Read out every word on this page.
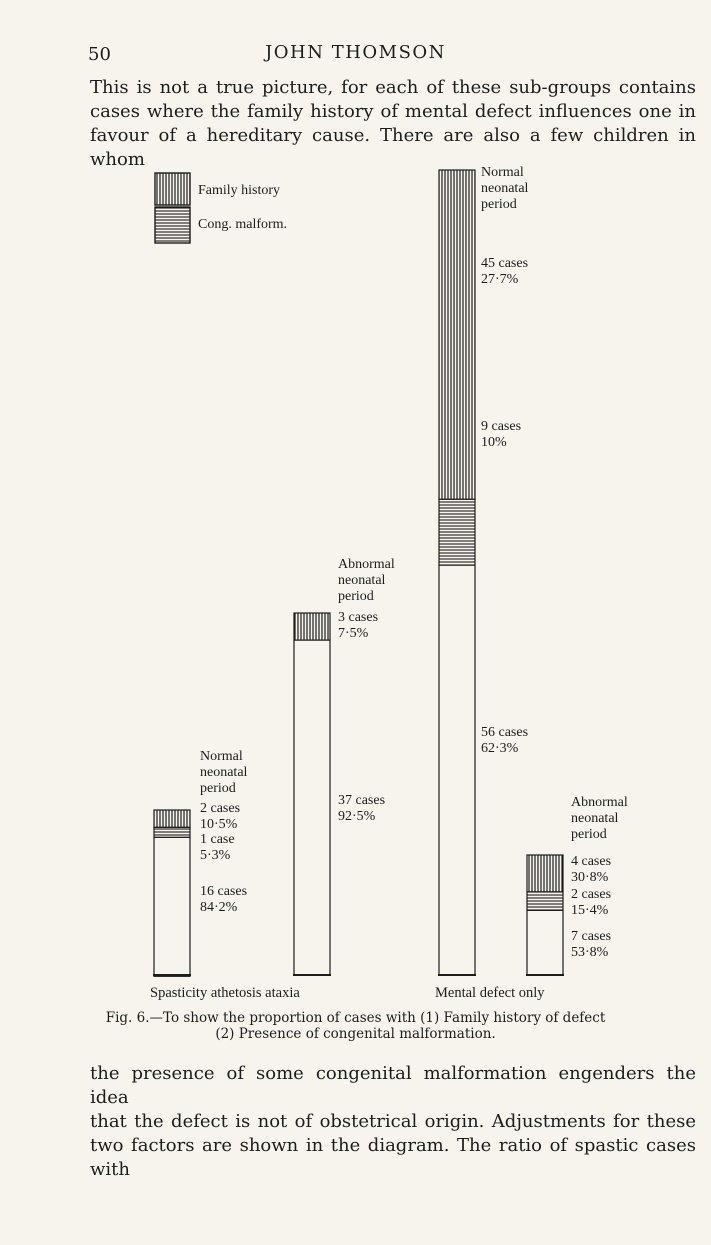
50	JOHN THOMSON

This is not a true picture, for each of these sub-groups contains
cases where the family history of mental defect influences one in
favour of a hereditary cause. There are also a few children in whom

Family history
Cong. malform.
Normal
neonatal
period
2 cases
10·5%
1 case
5·3%
16 cases
84·2%
Abnormal
neonatal
period
3 cases
7·5%
37 cases
92·5%
Spasticity athetosis ataxia
Normal
neonatal
period
45 cases
27·7%
9 cases
10%
56 cases
62·3%
Abnormal
neonatal
period
4 cases
30·8%
2 cases
15·4%
7 cases
53·8%
Mental defect only
Fig. 6.—To show the proportion of cases with (1) Family history of defect
(2) Presence of congenital malformation.

the presence of some congenital malformation engenders the idea
that the defect is not of obstetrical origin. Adjustments for these
two factors are shown in the diagram. The ratio of spastic cases with
